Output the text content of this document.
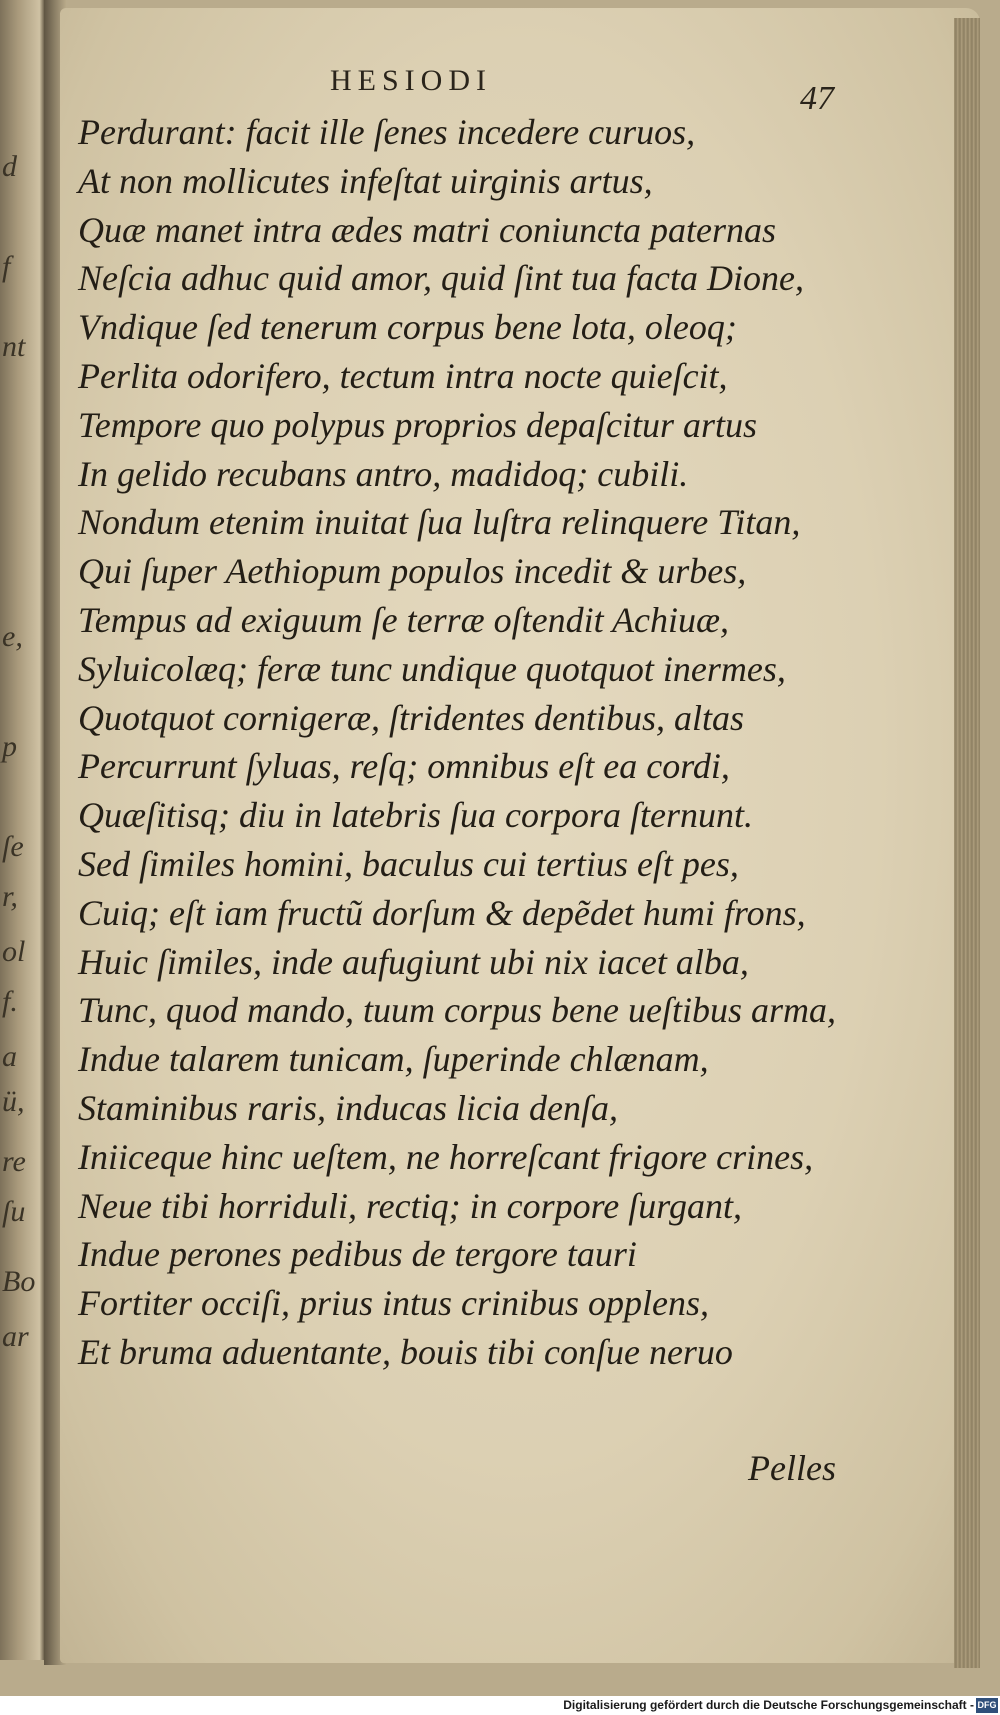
d
f
nt
e,
p
ſe
r,
ol
f.
a
ü,
re
ſu
Bo
ar
HESIODI	47
Perdurant: facit ille ſenes incedere curuos,
At non mollicutes infeſtat uirginis artus,
Quæ manet intra ædes matri coniuncta paternas
Neſcia adhuc quid amor, quid ſint tua facta Dione,
Vndique ſed tenerum corpus bene lota, oleoq;
Perlita odorifero, tectum intra nocte quieſcit,
Tempore quo polypus proprios depaſcitur artus
In gelido recubans antro, madidoq; cubili.
Nondum etenim inuitat ſua luſtra relinquere Titan,
Qui ſuper Aethiopum populos incedit & urbes,
Tempus ad exiguum ſe terræ oſtendit Achiuæ,
Syluicolæq; feræ tunc undique quotquot inermes,
Quotquot cornigeræ, ſtridentes dentibus, altas
Percurrunt ſyluas, reſq; omnibus eſt ea cordi,
Quæſitisq; diu in latebris ſua corpora ſternunt.
Sed ſimiles homini, baculus cui tertius eſt pes,
Cuiq; eſt iam fructũ dorſum & depẽdet humi frons,
Huic ſimiles, inde aufugiunt ubi nix iacet alba,
Tunc, quod mando, tuum corpus bene ueſtibus arma,
Indue talarem tunicam, ſuperinde chlænam,
Staminibus raris, inducas licia denſa,
Iniiceque hinc ueſtem, ne horreſcant frigore crines,
Neue tibi horriduli, rectiq; in corpore ſurgant,
Indue perones pedibus de tergore tauri
Fortiter occiſi, prius intus crinibus opplens,
Et bruma aduentante, bouis tibi conſue neruo
Pelles
Digitalisierung gefördert durch die Deutsche Forschungsgemeinschaft - DFG
